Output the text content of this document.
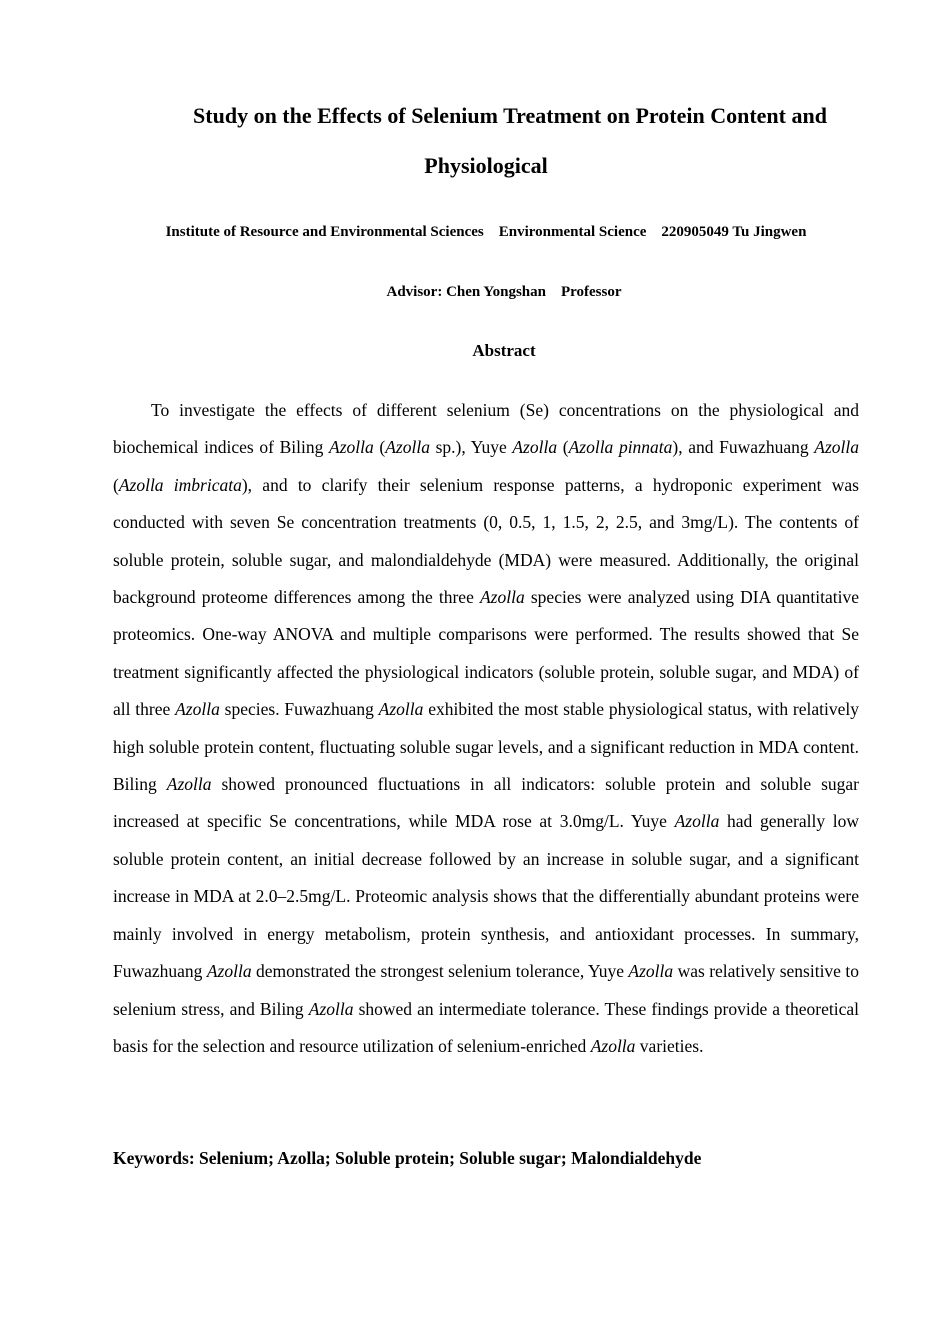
Study on the Effects of Selenium Treatment on Protein Content and
Physiological

Institute of Resource and Environmental Sciences    Environmental Science    220905049 Tu Jingwen

Advisor: Chen Yongshan    Professor

Abstract

To investigate the effects of different selenium (Se) concentrations on the physiological and biochemical indices of Biling Azolla (Azolla sp.), Yuye Azolla (Azolla pinnata), and Fuwazhuang Azolla (Azolla imbricata), and to clarify their selenium response patterns, a hydroponic experiment was conducted with seven Se concentration treatments (0, 0.5, 1, 1.5, 2, 2.5, and 3mg/L). The contents of soluble protein, soluble sugar, and malondialdehyde (MDA) were measured. Additionally, the original background proteome differences among the three Azolla species were analyzed using DIA quantitative proteomics. One-way ANOVA and multiple comparisons were performed. The results showed that Se treatment significantly affected the physiological indicators (soluble protein, soluble sugar, and MDA) of all three Azolla species. Fuwazhuang Azolla exhibited the most stable physiological status, with relatively high soluble protein content, fluctuating soluble sugar levels, and a significant reduction in MDA content. Biling Azolla showed pronounced fluctuations in all indicators: soluble protein and soluble sugar increased at specific Se concentrations, while MDA rose at 3.0mg/L. Yuye Azolla had generally low soluble protein content, an initial decrease followed by an increase in soluble sugar, and a significant increase in MDA at 2.0–2.5mg/L. Proteomic analysis shows that the differentially abundant proteins were mainly involved in energy metabolism, protein synthesis, and antioxidant processes. In summary, Fuwazhuang Azolla demonstrated the strongest selenium tolerance, Yuye Azolla was relatively sensitive to selenium stress, and Biling Azolla showed an intermediate tolerance. These findings provide a theoretical basis for the selection and resource utilization of selenium-enriched Azolla varieties.

Keywords: Selenium; Azolla; Soluble protein; Soluble sugar; Malondialdehyde
